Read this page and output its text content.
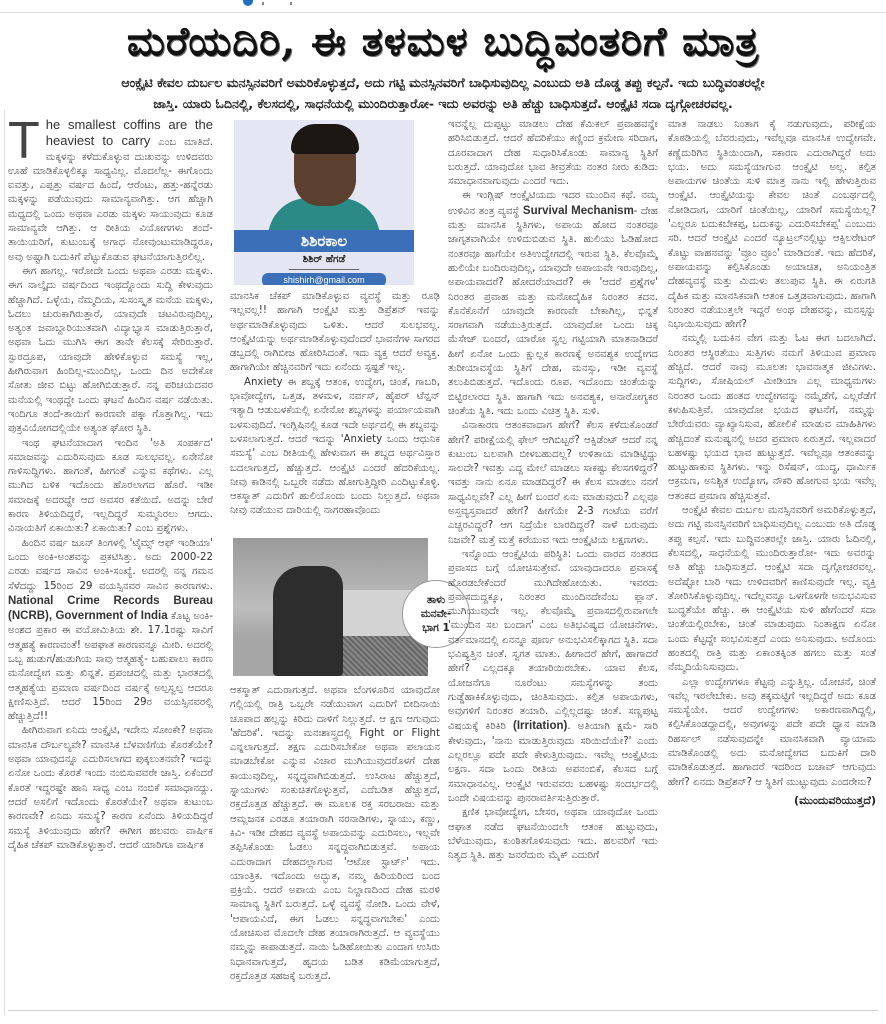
ಮರೆಯದಿರಿ, ಈ ತಳಮಳ ಬುದ್ಧಿವಂತರಿಗೆ ಮಾತ್ರ
ಆಂಕ್ಸೈಟಿ ಕೇವಲ ದುರ್ಬಲ ಮನಸ್ಸಿನವರಿಗೆ ಅಮರಿಕೊಳ್ಳುತ್ತದೆ, ಅದು ಗಟ್ಟಿ ಮನಸ್ಸಿನವರಿಗೆ ಬಾಧಿಸುವುದಿಲ್ಲ ಎಂಬುದು ಅತಿ ದೊಡ್ಡ ತಪ್ಪು ಕಲ್ಪನೆ. ಇದು ಬುದ್ಧಿವಂತರಲ್ಲೇ
ಜಾಸ್ತಿ. ಯಾರು ಓದಿನಲ್ಲಿ, ಕೆಲಸದಲ್ಲಿ, ಸಾಧನೆಯಲ್ಲಿ ಮುಂದಿರುತ್ತಾರೋ- ಇದು ಅವರನ್ನು ಅತಿ ಹೆಚ್ಚು ಬಾಧಿಸುತ್ತದೆ. ಆಂಕ್ಸೈಟಿ ಸದಾ ದೃಗ್ಗೋಚರವಲ್ಲ.

The smallest coffins are the heaviest to carry ಎಂಬ ಮಾತಿದೆ. ಮಕ್ಕಳನ್ನು ಕಳೆದುಕೊಳ್ಳುವ ದುಃಖವನ್ನು ಉಳಿದವರು ಊಹೆ ಮಾಡಿಕೊಳ್ಳಲಿಕ್ಕೂ ಸಾಧ್ಯವಿಲ್ಲ. ಮೊದಲೆಲ್ಲ- ಈಗೊಂದು ಐವತ್ತು, ಎಪ್ಪತ್ತು ವರ್ಷದ ಹಿಂದೆ, ಆರೆಂಟು, ಹತ್ತು-ಹನ್ನೆರಡು ಮಕ್ಕಳನ್ನು ಪಡೆಯುವುದು ಸಾಮಾನ್ಯವಾಗಿತ್ತು. ಆಗ ಹೆಚ್ಚಾಗಿ ಮಧ್ಯದಲ್ಲಿ ಒಂದು ಅಥವಾ ಎರಡು ಮಕ್ಕಳು ಸಾಯುವುದು ಕೂಡ ಸಾಮಾನ್ಯವೇ ಆಗಿತ್ತು. ಆ ರೀತಿಯ ವಿಯೋಗಗಳು ತಂದೆ-ತಾಯಿಯರಿಗೆ, ಕುಟುಂಬಕ್ಕೆ ಅಗಾಧ ನೋವುಂಟುಮಾಡಿದ್ದರೂ, ಅವು ಅಷ್ಟಾಗಿ ಬದುಕಿಗೆ ಪೆಟ್ಟುಕೊಡುವ ಘಟನೆಯಾಗುತ್ತಿರಲಿಲ್ಲ.

ಈಗ ಹಾಗಲ್ಲ. ಇರೋದೇ ಒಂದು ಅಥವಾ ಎರಡು ಮಕ್ಕಳು. ಈಗ ನಾಲ್ಕೈದು ವರ್ಷದಿಂದ ಇಂಥದ್ದೊಂದು ಸುದ್ದಿ ಕೇಳುವುದು ಹೆಚ್ಚಾಗಿದೆ. ಒಳ್ಳೆಯ, ನೆಮ್ಮದಿಯ, ಸುಸಂಸ್ಕೃತ ಮನೆಯ ಮಕ್ಕಳು, ಓದಲು ಚುರುಕಾಗಿರುತ್ತಾರೆ, ಯಾವುದೇ ಚಟವಿರುವುದಿಲ್ಲ, ಅತ್ಯಂತ ಜವಾಬ್ದಾರಿಯುತವಾಗಿ ವಿದ್ಯಾಭ್ಯಾಸ ಮಾಡುತ್ತಿರುತ್ತಾರೆ, ಅಥವಾ ಓದು ಮುಗಿಸಿ ಈಗ ತಾನೇ ಕೆಲಸಕ್ಕೆ ಸೇರಿರುತ್ತಾರೆ. ಸ್ಫುರದ್ರೂಪ, ಯಾವುದೇ ಹೇಳಿಕೊಳ್ಳುವ ಸಮಸ್ಯೆ ಇಲ್ಲ, ಹೀಗಿರುವಾಗ ಹಿಂದಿಲ್ಲ-ಮುಂದಿಲ್ಲ, ಒಂದು ದಿನ ಅದೇಕೋ ಸೋತು ಜೀವ ಬಿಟ್ಟು ಹೋಗಿಬಿಡುತ್ತಾರೆ. ನನ್ನ ಪರಿಚಯದವರ ಮನೆಯಲ್ಲಿ ಇಂಥದ್ದೇ ಒಂದು ಘಟನೆ ಹಿಂದಿನ ವರ್ಷ ನಡೆಯಿತು. ಇಂದಿಗೂ ತಂದೆ-ತಾಯಿಗೆ ಕಾರಣವೇ ಪಕ್ಕಾ ಗೊತ್ತಾಗಿಲ್ಲ. ಇದು ಪುತ್ರವಿಯೋಗದಲ್ಲಿಯೇ ಅತ್ಯಂತ ಘೋರ ಸ್ಥಿತಿ.

ಇಂಥ ಘಟನೆಯಾದಾಗ ಇಂದಿನ 'ಅತಿ ಸಂಪರ್ಕದ' ಸಮಾಜವನ್ನು ಎದುರಿಸುವುದು ಕೂಡ ಸುಲಭವಲ್ಲ. ಏನೇನೋ ಗಾಳಿಸುದ್ದಿಗಳು. ಹಾಗಂತೆ, ಹೀಗಂತೆ ಎನ್ನುವ ಕಥೆಗಳು. ಎಲ್ಲ ಮುಗಿದ ಬಳಿಕ ಇದೊಂದು ಹೊರಲಾಗದ ಹೊರೆ. ಇಡೀ ಸಮಾಜಕ್ಕೆ ಅದರದ್ದೇ ಆದ ಅವಸರ ಕತೆಯಿದೆ. ಅದನ್ನು ಬೇರೆ ಕಾರಣ ತಿಳಿಯದಿದ್ದರೆ, ಇಲ್ಲದಿದ್ದರೆ ಸುಮ್ಮನಿರಲು ಆಗದು. ವಿನಾಯತಿಗೆ ಏಕಾಯಿತು? ಏಕಾಯಿತು? ಎಂಬ ಪ್ರಶ್ನೆಗಳು.

ಹಿಂದಿನ ವರ್ಷ ಜೂನ್ ತಿಂಗಳಲ್ಲಿ 'ಟೈಮ್ಸ್ ಆಫ್ ಇಂಡಿಯಾ' ಒಂದು ಅಂಕಿ-ಅಂಶವನ್ನು ಪ್ರಕಟಿಸಿತ್ತು. ಅದು 2000-22 ಎರಡು ವರ್ಷದ ಸಾವಿನ ಅಂಕಿ-ಸಂಖ್ಯೆ. ಅದರಲ್ಲಿ ನನ್ನ ಗಮನ ಸೆಳೆದದ್ದು 15ರಿಂದ 29 ವಯಸ್ಸಿನವರ ಸಾವಿನ ಕಾರಣಗಳು. National Crime Records Bureau (NCRB), Government of India ಕೊಟ್ಟ ಅಂಕಿ-ಅಂಶದ ಪ್ರಕಾರ ಈ ವಯೋಮಿತಿಯ ಶೇ. 17.1ರಷ್ಟು ಸಾವಿಗೆ ಆತ್ಮಹತ್ಯೆ ಕಾರಣವಂತೆ! ಅಪಘಾತ ಕಾರಣವನ್ನೂ ಮೀರಿ. ಅದರಲ್ಲಿ ಒಬ್ಬ ಹುಡುಗ/ಹುಡುಗಿಯ ಸಾವು ಆತ್ಮಹತ್ಯೆ- ಬಹುಪಾಲು ಕಾರಣ ಮನೋದ್ವೇಗ ಮತ್ತು ಖಿನ್ನತೆ. ಪ್ರಪಂಚದಲ್ಲಿ ಮತ್ತು ಭಾರತದಲ್ಲಿ ಆತ್ಮಹತ್ಯೆಯ ಪ್ರಮಾಣ ವರ್ಷದಿಂದ ವರ್ಷಕ್ಕೆ ಅಲ್ಪಸ್ವಲ್ಪ ಆದರೂ ಕ್ಷೀಣಿಸುತ್ತಿದೆ. ಆದರೆ 15ರಿಂದ 29ರ ವಯಸ್ಸಿನವರಲ್ಲಿ ಹೆಚ್ಚುತ್ತಿದೆ!!

ಹೀಗಿರುವಾಗ ಏನಿದು ಆಂಕ್ಸೈಟಿ, ಇದೇನು ಸೋಂಕೇ? ಅಥವಾ ಮಾನಸಿಕ ದೌರ್ಬಲ್ಯವೇ? ಮಾನಸಿಕ ಬೆಳವಣಿಗೆಯ ಕೊರತೆಯೇ? ಅಥವಾ ಯಾವುದನ್ನೂ ಎದುರಿಸಲಾಗದ ಪುಕ್ಕಲುತನವೇ? ಇದನ್ನು ಏನೋ ಒಂದು ಕೊರತೆ ಇಂದು ನಂಬಿಸುವವರೇ ಜಾಸ್ತಿ. ಏಕೆಂದರೆ ಕೊರತೆ ಇದ್ದರಷ್ಟೇ ಹಾನಿ ಸಾಧ್ಯ ಎಂಬ ನಂಬಿಕೆ ಸಮಾಧಾನದ್ದು. ಆದರೆ ಅಸಲಿಗೆ ಇದೊಂದು ಕೊರತೆಯೇ? ಅಥವಾ ಕುಟುಂಬ ಕಾರಣವೇ? ಏನಿದು ಸಮಸ್ಯೆ? ಕಾರಣ ಏನೆಂದು ತಿಳಿಯದಿದ್ದರೆ ಸಮಸ್ಯೆ ತಿಳಿಯುವುದು ಹೇಗೆ? ಈಗೀಗ ಹಲವರು ವಾರ್ಷಿಕ ದೈಹಿಕ ಚೆಕಪ್ ಮಾಡಿಕೊಳ್ಳುತ್ತಾರೆ. ಆದರೆ ಯಾರಿಗೂ ವಾರ್ಷಿಕ

ಶಿಶಿರಕಾಲ
ಶಿಶಿರ್ ಹೆಗಡೆ
shishirh@gmail.com

ಮಾನಸಿಕ ಚೆಕಪ್ ಮಾಡಿಕೊಳ್ಳುವ ವ್ಯವಸ್ಥೆ ಮತ್ತು ರೂಢಿ ಇಲ್ಲವಲ್ಲ!! ಹಾಗಾಗಿ ಆಂಕ್ಸೈಟಿ ಮತ್ತು ಡಿಪ್ರೆಶನ್ ಇವನ್ನು ಅರ್ಥಮಾಡಿಕೊಳ್ಳುವುದು ಒಳಿತು. ಆದರೆ ಸುಲಭವಲ್ಲ. ಆಂಕ್ಸೈಟಿಯನ್ನು ಅರ್ಥಮಾಡಿಕೊಳ್ಳುವುದೆಂದರೆ ಭಾವನೆಗಳ ಸಾಗರದ ಡಬ್ಬದಲ್ಲಿ ರಾಗಿಬೀಜ ಹೋರಿಸಿದಂತೆ. ಇದು ವ್ಯಕ್ತ ಆದರೆ ಅವ್ಯಕ್ತ. ಹಾಗಾಗಿಯೇ ಹೆಚ್ಚಿನವರಿಗೆ ಇದು ಏನೆಂದು ಸ್ಪಷ್ಟತೆ ಇಲ್ಲ.

Anxiety ಈ ಶಬ್ದಕ್ಕೆ ಆತಂಕ, ಉದ್ವೇಗ, ಚಿಂತೆ, ಗಾಬರಿ, ಭಾವೋದ್ವೇಗ, ಒತ್ತಡ, ತಳಮಳ, ನರ್ವಸ್, ಹೈಪರ್ ಟೆನ್ಷನ್ ಇತ್ಯಾದಿ ಆಡುಬಳಕೆಯಲ್ಲಿ ಏನೇನೋ ಶಬ್ದಗಳನ್ನು ಪರ್ಯಾಯವಾಗಿ ಬಳಸುವುದಿದೆ. ಇಂಗ್ಲಿಷಿನಲ್ಲಿ ಕೂಡ ಇದೇ ಅರ್ಥದಲ್ಲಿ ಈ ಶಬ್ದವನ್ನು ಬಳಸಲಾಗುತ್ತದೆ. ಆದರೆ ಇದನ್ನು 'Anxiety ಒಂದು ಆಧುನಿಕ ಸಮಸ್ಯೆ' ಎಂಬ ರೀತಿಯಲ್ಲಿ ಹೇಳುವಾಗ ಈ ಶಬ್ದದ ಅರ್ಥವಿಸ್ತಾರ ಬದಲಾಗುತ್ತದೆ, ಹೆಚ್ಚುತ್ತದೆ. ಆಂಕ್ಸೈಟಿ ಎಂದರೆ ಹೆದರಿಕೆಯಲ್ಲ. ನೀವು ಕಾಡಿನಲ್ಲಿ ಒಬ್ಬರೇ ನಡೆದು ಹೋಗುತ್ತಿದ್ದೀರಿ ಎಂದಿಟ್ಟುಕೊಳ್ಳಿ. ಆಕಸ್ಮಾತ್ ಎದುರಿಗೆ ಹುಲಿಯೊಂದು ಬಂದು ನಿಲ್ಲುತ್ತದೆ. ಅಥವಾ ನೀವು ನಡೆಯುವ ದಾರಿಯಲ್ಲಿ ನಾಗರಹಾವೊಂದು

ತಾಳು
ಮನವೇ-
ಭಾಗ 1

ಆಕಸ್ಮಾತ್ ಎದುರಾಗುತ್ತದೆ. ಅಥವಾ ಬೆಂಗಳೂರಿನ ಯಾವುದೋ ಗಲ್ಲಿಯಲ್ಲಿ ರಾತ್ರಿ ಒಬ್ಬರೇ ನಡೆಯುವಾಗ ಎದುರಿಗೆ ಬೀದಿನಾಯಿ ಚೂಪಾದ ಹಲ್ಲನ್ನು ಕಿರಿದು ದಾಳಿಗೆ ನಿಲ್ಲುತ್ತದೆ. ಆ ಕ್ಷಣ ಆಗುವುದು 'ಹೆದರಿಕೆ'. ಇದನ್ನು ಮನಃಶಾಸ್ತ್ರದಲ್ಲಿ Fight or Flight ಎನ್ನಲಾಗುತ್ತದೆ. ತಕ್ಷಣ ಎದುರಿಸಬೇಕೋ ಅಥವಾ ಪಲಾಯನ ಮಾಡಬೇಕೋ ಎನ್ನುವ ವಿಚಾರ ಮುಗಿಯುವುದರೊಳಗೆ ದೇಹ ಕಾಯುವುದಿಲ್ಲ, ಸನ್ನದ್ಧವಾಗಿಬಿಡುತ್ತದೆ. ಉಸಿರಾಟ ಹೆಚ್ಚುತ್ತದೆ, ಸ್ನಾಯುಗಳು ಸಂಕುಚಿತಗೊಳ್ಳುತ್ತವೆ, ಎದೆಬಡಿತ ಹೆಚ್ಚುತ್ತದೆ, ರಕ್ತದೊತ್ತಡ ಹೆಚ್ಚುತ್ತದೆ. ಈ ಮೂಲಕ ರಕ್ತ ಸರಬರಾಜು ಮತ್ತು ಆಮ್ಲಜನಕ ಎರಡೂ ತಯಾರಾಗಿ ನರನಾಡಿಗಳು, ಸ್ನಾಯು, ಕಣ್ಣು, ಕಿವಿ- ಇಡೀ ದೇಹದ ವ್ಯವಸ್ಥೆ ಅಪಾಯವನ್ನು ಎದುರಿಸಲು, ಇಲ್ಲವೇ ತಪ್ಪಿಸಿಕೊಂಡು ಓಡಲು ಸನ್ನದ್ಧವಾಗಿಬಿಡುತ್ತವೆ. ಅಪಾಯ ಎದುರಾದಾಗ ದೇಹದಲ್ಲಾಗುವ 'ಆಟೋ ಸ್ಟಾರ್ಟ್' ಇದು. ಯಾಂತ್ರಿಕ. ಇದೊಂದು ಅದ್ಭುತ, ನಮ್ಮ ಹಿರಿಯರಿಂದ ಬಂದ ಪ್ರಕ್ರಿಯೆ. ಆದರೆ ಅಪಾಯ ಎಂಬ ನಿಲ್ದಾಣದಿಂದ ದೇಹ ಮರಳಿ ಸಾಮಾನ್ಯ ಸ್ಥಿತಿಗೆ ಬರುತ್ತದೆ. ಒಳ್ಳೆ ವ್ಯವಸ್ಥೆ ನೋಡಿ. ಒಂದು ವೇಳೆ, 'ಆಪಾಯವಿದೆ, ಈಗ ಓಡಲು ಸನ್ನದ್ಧವಾಗಬೇಕು' ಎಂದು ಯೋಚಿಸುವ ಮೊದಲೇ ದೇಹ ತಯಾರಾಗಿರುತ್ತದೆ. ಆ ವ್ಯವಸ್ಥೆಯು ನಮ್ಮನ್ನು ಕಾಪಾಡುತ್ತದೆ. ನಾಯಿ ಓಡಿಹೋಯಿತು ಎಂದಾಗ ಉಸಿರು ನಿಧಾನವಾಗುತ್ತದೆ, ಹೃದಯ ಬಡಿತ ಕಡಿಮೆಯಾಗುತ್ತದೆ, ರಕ್ತದೊತ್ತಡ ಸಹಜಕ್ಕೆ ಬರುತ್ತದೆ.

ಇವನ್ನೆಲ್ಲ ದುಪ್ಪಟ್ಟು ಮಾಡಲು ದೇಹ ಕೆಮಿಕಲ್ ಪ್ರವಾಹವನ್ನೇ ಹರಿಸಿಬಿಡುತ್ತದೆ. ಆದರೆ ಹೆದರಿಕೆಯು ಕಣ್ಣಿಂದ ಕ್ರಮೇಣ ಸರಿದಾಗ, ದೂರವಾದಾಗ ದೇಹ ಸುಧಾರಿಸಿಕೊಂಡು ಸಾಮಾನ್ಯ ಸ್ಥಿತಿಗೆ ಬರುತ್ತದೆ. ಯಾವುದೋ ಭಾವ ತೀವ್ರತೆಯ ನಂತರ ನೀರು ಕುಡಿದು ಸಮಾಧಾನವಾಗುವುದು ಎಂದರೆ ಇದು.

ಈ ಇಂಗ್ಲಿಷ್ ಆಂಕ್ಸೈಟಿಯದು ಇದರ ಮುಂದಿನ ಕಥೆ. ನಮ್ಮ ಉಳಿವಿನ ತಂತ್ರ ವ್ಯವಸ್ಥೆ Survival Mechanism- ದೇಹ ಮತ್ತು ಮಾನಸಿಕ ಸ್ಥಿತಿಗಳು, ಅಪಾಯ ಹೋದ ನಂತರವೂ ಜಾಗೃತವಾಗಿಯೇ ಉಳಿದುಬಿಡುವ ಸ್ಥಿತಿ. ಹುಲಿಯು ಓಡಿಹೋದ ನಂತರವೂ ಹಾಗೆಯೇ ಅತಿಉದ್ವೇಗದಲ್ಲಿ ಇರುವ ಸ್ಥಿತಿ. ಕೆಲವೊಮ್ಮೆ ಹುಲಿಯೇ ಬಂದಿರುವುದಿಲ್ಲ, ಯಾವುದೇ ಅಪಾಯವೇ ಇರುವುದಿಲ್ಲ, ಅಪಾಯವಾದರೆ? ಹೋದರೆಯಾದರೆ? ಈ 'ಆದರೆ ಪ್ರಶ್ನೆಗಳ' ನಿರಂತರ ಪ್ರವಾಹ ಮತ್ತು ಮನೋದೈಹಿಕ ನಿರಂತರ ಕದನ. ಕೊನೆಕೊನೆಗೆ ಯಾವುದೇ ಕಾರಣವೇ ಬೇಕಾಗಿಲ್ಲ, ಭಿನ್ನತೆ ಸರಾಗವಾಗಿ ನಡೆಯುತ್ತಿರುತ್ತದೆ. ಯಾವುದೋ ಒಂದು ಚಿಕ್ಕ ಮೆಸೇಜ್ ಬಂದರೆ, ಯಾರೋ ಸ್ವಲ್ಪ ಗಟ್ಟಿಯಾಗಿ ಮಾತನಾಡಿದರೆ ಹೀಗೆ ಏನೋ ಒಂದು ಕ್ಷುಲ್ಲಕ ಕಾರಣಕ್ಕೆ ಅನವಶ್ಯಕ ಉದ್ವೇಗದ ತುರೀಯಾವಸ್ಥೆಯ ಸ್ಥಿತಿಗೆ ದೇಹ, ಮನಸ್ಸು, ಇಡೀ ವ್ಯವಸ್ಥೆ ತಲುಪಿಬಿಡುತ್ತದೆ. ಇದೊಂದು ರೂಪ. ಇದೊಂದು ಚಿಂತೆಯನ್ನು ಬಿಟ್ಟಿರಲಾರದ ಸ್ಥಿತಿ. ಹಾಗಾಗಿ ಇದು ಅನವಶ್ಯಕ, ಅನಾರೋಗ್ಯಕರ ಚಿಂತೆಯ ಸ್ಥಿತಿ. ಇದು ಒಂದು ವಿಚಿತ್ರ ಸ್ಥಿತಿ. ಸುಳಿ.

ವಿನಾಕಾರಣ ಆತಂಕವಾದಾಗ ಹೇಗೆ? ಕೆಲಸ ಕಳೆದುಕೊಂಡರೆ ಹೇಗೆ? ಪರೀಕ್ಷೆಯಲ್ಲಿ ಫೇಲ್ ಆಗಿಬಿಟ್ಟರೆ? ಆಕ್ಸಿಡೆಂಟ್ ಆದರೆ ನನ್ನ ಕುಟುಂಬ ಬಲವಾಗಿ ಬೀಳಬಹುದಲ್ಲ? ಉಳಿತಾಯ ಮಾಡಿಟ್ಟಿದ್ದು ಸಾಲದೇ? ಇವತ್ತು ಎದ್ದ ಮೇಲೆ ಮಾಡಲು ಸಾಕಷ್ಟು ಕೆಲಸಗಳಿದ್ದರೆ? ಇವತ್ತು ನಾನು ಏನೂ ಮಾಡದಿದ್ದರೆ? ಈ ಕೆಲಸ ಮಾಡಲು ನನಗೆ ಸಾಧ್ಯವಿಲ್ಲವೇ? ಎಲ್ಲ ಹೀಗೆ ಬಂದರೆ ಏನು ಮಾಡುವುದು? ಎಲ್ಲವೂ ಅಸ್ತವ್ಯಸ್ತವಾದರೆ ಹೇಗೆ? ಹೀಗೆಯೇ 2-3 ಗಂಟೆಯ ವರೆಗೆ ಎಚ್ಚರವಿದ್ದರೆ? ಆಗ ನಿದ್ರೆಯೇ ಬಾರದಿದ್ದರೆ? ನಾಳೆ ಬರುವುದು ನಿಜವೇ? ಮತ್ತೆ ಮತ್ತೆ ಕರೆಯುವ ಇದು ಆಂಕ್ಸೈಟಿಯ ಲಕ್ಷಣಗಳು.

ಇನ್ನೊಂದು ಆಂಕ್ಸೈಟಿಯ ಪರಿಸ್ಥಿತಿ: ಒಂದು ವಾರದ ನಂತರದ ಪ್ರವಾಸದ ಬಗ್ಗೆ ಯೋಚಿಸುತ್ತೇವೆ. ಯಾವುದಾದರೂ ಪ್ರವಾಸಕ್ಕೆ ಹೊರಡಬೇಕೆಂದರೆ ಮುಗಿದೇಹೋಯಿತು. ಇವರದು ಪ್ರವಾಸದುದ್ದಕ್ಕೂ, ನಿರಂತರ ಮುಂದಿನದೇನೆಂಬ ಪ್ಲಾನ್. ಮುಗಿಯುವುದೇ ಇಲ್ಲ. ಕೆಲವೊಮ್ಮೆ ಪ್ರವಾಸದಲ್ಲಿರುವಾಗಲೇ 'ಮುಂದಿನ ಸಲ ಬಂದಾಗ' ಎಂಬ ಅತಿಭವಿಷ್ಯದ ಯೋಚನೆಗಳು. ವರ್ತಮಾನದಲ್ಲಿ ಏನನ್ನೂ ಪೂರ್ಣ ಅನುಭವಿಸಲಿಕ್ಕಾಗದ ಸ್ಥಿತಿ. ಸದಾ ಭವಿಷ್ಯತ್ತಿನ ಚಿಂತೆ. ಸ್ವಗತ ಮಾತು. ಹೀಗಾದರೆ ಹೇಗೆ, ಹಾಗಾದರೆ ಹೇಗೆ? ಎಲ್ಲದಕ್ಕೂ ತಯಾರಿಯಿರಬೇಕು. ಯಾವ ಕೆಲಸ, ಯೋಜನೆಗೂ ನೂರೆಂಟು ಸಮಸ್ಯೆಗಳನ್ನು ತಂದು ಗುಡ್ಡೆಹಾಕಿಕೊಳ್ಳುವುದು, ಚಿಂತಿಸುವುದು. ಕಲ್ಪಿತ ಅಪಾಯಗಳು, ಅವುಗಳಿಗೆ ನಿರಂತರ ತಯಾರಿ. ಎಲ್ಲಿಲ್ಲದಷ್ಟು ಚಿಂತೆ. ಸಣ್ಣಪುಟ್ಟ ವಿಷಯಕ್ಕೆ ಕಿರಿಕಿರಿ (Irritation). ಅತಿಯಾಗಿ ಕ್ಷಮೆ- ಸಾರಿ ಕೇಳುವುದು, 'ನಾನು ಮಾಡುತ್ತಿರುವುದು ಸರಿಯಿದೆಯೇ?' ಎಂದು ಎಲ್ಲರಲ್ಲೂ ಪದೇ ಪದೇ ಕೇಳುತ್ತಿರುವುದು. ಇವೆಲ್ಲ ಆಂಕ್ಸೈಟಿಯ ಲಕ್ಷಣ. ಸದಾ ಒಂದು ರೀತಿಯ ಅಪನಂಬಿಕೆ, ಕೆಲಸದ ಬಗ್ಗೆ ಸಮಾಧಾನವಿಲ್ಲ. ಆಂಕ್ಸೈಟಿ ಇರುವವರು ಬಹಳಷ್ಟು ಸಂದರ್ಭದಲ್ಲಿ ಒಂದೇ ವಿಷಯವನ್ನು ಪುನರಾವರ್ತಿಸುತ್ತಿರುತ್ತಾರೆ.

ಕ್ಷಣಿಕ ಭಾವೋದ್ವೇಗ, ಬೇಸರ, ಅಥವಾ ಯಾವುದೋ ಒಂದು ಆಘಾತ ನಡೆದ ಘಟನೆಯಿಂದಲೇ ಆತಂಕ ಹುಟ್ಟುವುದು, ಬೆಳೆಯುವುದು, ಕುಂಠಿತಗೊಳಿಸುವುದು ಇದು. ಹಲವರಿಗೆ ಇದು ನಿತ್ಯದ ಸ್ಥಿತಿ. ಹತ್ತು ಜನರೆದುರು ಮೈಕ್ ಎದುರಿಗೆ

ಮಾತ ನಾಡಲು ನಿಂತಾಗ ಕೈ ನಡುಗುವುದು, ಪರೀಕ್ಷೆಯ ಕೊಠಡಿಯಲ್ಲಿ ಬೆವರುವುದು, ಇವೆಲ್ಲವೂ ಮಾನಸಿಕ ಉದ್ವೇಗವೇ. ಕಣ್ಣೆದುರಿಗಿನ ಸ್ಥಿತಿಯಿಂದಾಗಿ, ಸಕಾರಣ ಎದುರಾಗಿದ್ದರೆ ಅದು ಭಯ. ಅದು ಸಮಸ್ಯೆಯಾಗುವ ಆಂಕ್ಸೈಟಿ ಅಲ್ಲ. ಕಲ್ಪಿತ ಅಪಾಯಗಳ ಚಿಂತೆಯ ಸುಳಿ ಮಾತ್ರ ನಾನು ಇಲ್ಲಿ ಹೇಳುತ್ತಿರುವ ಆಂಕ್ಸೈಟಿ. ಆಂಕ್ಸೈಟಿಯನ್ನು ಕೇವಲ ಚಿಂತೆ ಎಂಬರ್ಥದಲ್ಲಿ ನೋಡಿದಾಗ, ಯಾರಿಗೆ ಚಿಂತೆಯಿಲ್ಲ, ಯಾರಿಗೆ ಸಮಸ್ಯೆಯಿಲ್ಲ? 'ಎಲ್ಲರೂ ಬದುಕಬೇಕಪ್ಪ, ಬದುಕನ್ನು ಎದುರಿಸಬೇಕಪ್ಪ' ಎಂಬುದು ಸರಿ. ಆದರೆ ಆಂಕ್ಸೈಟಿ ಎಂದರೆ ನ್ಯೂಟ್ರಲ್‌ನಲ್ಲಿಟ್ಟು ಆಕ್ಸಿಲರೇಟರ್ ಕೊಟ್ಟು ವಾಹನವನ್ನು 'ವ್ರೂಂ ವ್ರೂಂ' ಮಾಡಿದಂತೆ. ಇದು ಹೆದರಿಕೆ, ಅಪಾಯವನ್ನು ಕಲ್ಪಿಸಿಕೊಂಡು ಅಯಾಚಿತ, ಅನಿಯಂತ್ರಿತ ದೇಹವ್ಯವಸ್ಥೆ ಮತ್ತು ಮಿದುಳು ತಲುಪುವ ಸ್ಥಿತಿ. ಈ ಏರುಗತಿ ದೈಹಿಕ ಮತ್ತು ಮಾನಸಿಕವಾಗಿ ಆತಂಕ ಒತ್ತಡವಾಗುವುದು. ಹಾಗಾಗಿ ನಿರಂತರ ನಡೆಯುತ್ತಲೇ ಇದ್ದರೆ ಅಂಥ ದೇಹವನ್ನು, ಮನಸ್ಸನ್ನು ನಿಭಾಯಿಸುವುದು ಹೇಗೆ?

ನಮ್ಮಲ್ಲಿ ಬದುಕಿನ ವೇಗ ಮತ್ತು ಓಟ ಈಗ ಬದಲಾಗಿದೆ. ನಿರಂತರ ಆಸ್ಥಿರತೆಯು ಸುತ್ತಿಗಳು ನಮಗೆ ತಿಳಿಯುವ ಪ್ರಮಾಣ ಹೆಚ್ಚಿದೆ. ಆದರೆ ನಾವು ಮೂಲತಃ ಭಾವನಾತ್ಮಕ ಜೀವಿಗಳು. ಸುದ್ದಿಗಳು, ಸೋಷಿಯಲ್ ಮೀಡಿಯಾ ಎಲ್ಲ ಮಾಧ್ಯಮಗಳು ನಿರಂತರ ಒಂದು ಹಂತದ ಉದ್ವೇಗವನ್ನು ನಮ್ಮೆಡೆಗೆ, ಎಲ್ಲರೆಡೆಗೆ ಕಳುಹಿಸುತ್ತಿವೆ. ಯಾವುದೋ ಭಯದ ಘಟನೆಗೆ, ನಮ್ಮನ್ನು ಬೇರೆಯವರು ವ್ಯಾಖ್ಯಾನಿಸುವ, ಹೋಲಿಕೆ ಮಾಡುವ ಮಾಹಿತಿಗಳು ಹೆಚ್ಚಿದಂತೆ ಮನುಷ್ಯನಲ್ಲಿ ಅದರ ಪ್ರಮಾಣ ಏರುತ್ತದೆ. ಇಲ್ಲವಾದರೆ ಬಹಳಷ್ಟು ಭಯದ ಭಾವ ಹುಟ್ಟುತ್ತದೆ. ಇವೆಲ್ಲವೂ ಆತಂಕವನ್ನು ಹುಟ್ಟುಹಾಕುವ ಸ್ಥಿತಿಗಳು. ಇನ್ನು ರಿಸೆಷನ್, ಯುದ್ಧ, ಧಾರ್ಮಿಕ ಆಕ್ರಮಣ, ಅನಿಶ್ಚಿತ ಉದ್ಯೋಗ, ನೌಕರಿ ಹೋಗುವ ಭಯ ಇವೆಲ್ಲ ಆತಂಕದ ಪ್ರಮಾಣ ಹೆಚ್ಚಿಸುತ್ತವೆ.

ಆಂಕ್ಸೈಟಿ ಕೇವಲ ದುರ್ಬಲ ಮನಸ್ಸಿನವರಿಗೆ ಅಮರಿಕೊಳ್ಳುತ್ತದೆ, ಅದು ಗಟ್ಟಿ ಮನಸ್ಸಿನವರಿಗೆ ಬಾಧಿಸುವುದಿಲ್ಲ ಎಂಬುದು ಅತಿ ದೊಡ್ಡ ತಪ್ಪು ಕಲ್ಪನೆ. ಇದು ಬುದ್ಧಿವಂತರಲ್ಲೇ ಜಾಸ್ತಿ. ಯಾರು ಓದಿನಲ್ಲಿ, ಕೆಲಸದಲ್ಲಿ, ಸಾಧನೆಯಲ್ಲಿ ಮುಂದಿರುತ್ತಾರೋ- ಇದು ಅವರನ್ನು ಅತಿ ಹೆಚ್ಚು ಬಾಧಿಸುತ್ತದೆ. ಆಂಕ್ಸೈಟಿ ಸದಾ ದೃಗ್ಗೋಚರವಲ್ಲ. ಅದೆಷ್ಟೋ ಬಾರಿ ಇದು ಉಳಿದವರಿಗೆ ಕಾಣಿಸುವುದೇ ಇಲ್ಲ. ವ್ಯಕ್ತಿ ತೋರಿಸಿಕೊಳ್ಳುವುದಿಲ್ಲ. ಇದೆಲ್ಲವನ್ನೂ ಒಳಗೊಳಗೇ ಅನುಭವಿಸುವ ಬುದ್ಧತೆಯೇ ಹೆಚ್ಚು. ಈ ಆಂಕ್ಸೈಟಿಯ ಸುಳಿ ಹೇಗೆಂದರೆ ಸದಾ ಚಿಂತೆಯಲ್ಲಿರಬೇಕು, ಚಿಂತೆ ಮಾಡುವುದು ನಿಂತಾಕ್ಷಣ ಏನೋ ಒಂದು ಕೆಟ್ಟದ್ದೇ ಸಂಭವಿಸುತ್ತದೆ ಎಂದು ಅನಿಸುವುದು. ಅದೊಂದು ಹಂತದಲ್ಲಿ ರಾತ್ರಿ ಮತ್ತು ಏಕಾಂತಕ್ಕಿಂತ ಹಗಲು ಮತ್ತು ಸಂತೆ ನೆಮ್ಮದಿಯೆನಿಸುವುದು.

ಎಲ್ಲಾ ಉದ್ವೇಗಗಳೂ ಕೆಟ್ಟವು ಎನ್ನುತ್ತಿಲ್ಲ. ಯೋಚನೆ, ಚಿಂತೆ ಇವೆಲ್ಲ ಇರಲೇಬೇಕು. ಅವು ತಕ್ಕಮಟ್ಟಿಗೆ ಇಲ್ಲದಿದ್ದರೆ ಅದು ಕೂಡ ಸಮಸ್ಯೆಯೇ. ಆದರೆ ಉದ್ವೇಗಗಳು ಅಕಾರಣವಾಗಿದ್ದಲ್ಲಿ, ಕಲ್ಪಿಸಿಕೊಂಡದ್ದಾದಲ್ಲಿ, ಅವುಗಳನ್ನು ಪದೇ ಪದೇ ಧ್ಯಾನ ಮಾಡಿ ರಿಹರ್ಸಲ್ ನಡೆಸುವುದನ್ನೇ ಮಾನಸಿಕವಾಗಿ ವ್ಯಾಯಾಮ ಮಾಡಿಕೊಂಡಲ್ಲಿ ಅದು ಮನೋದ್ವೇಗದ ಬದುಕಿಗೆ ದಾರಿ ಮಾಡಿಕೊಡುತ್ತದೆ. ಹಾಗಾದರೆ ಇದರಿಂದ ಬಚಾವ್ ಆಗುವುದು ಹೇಗೆ? ಏನದು ಡಿಪ್ರೆಶನ್? ಆ ಸ್ಥಿತಿಗೆ ಮುಟ್ಟುವುದು ಎಂದರೇನು?

(ಮುಂದುವರಿಯುತ್ತದೆ)
